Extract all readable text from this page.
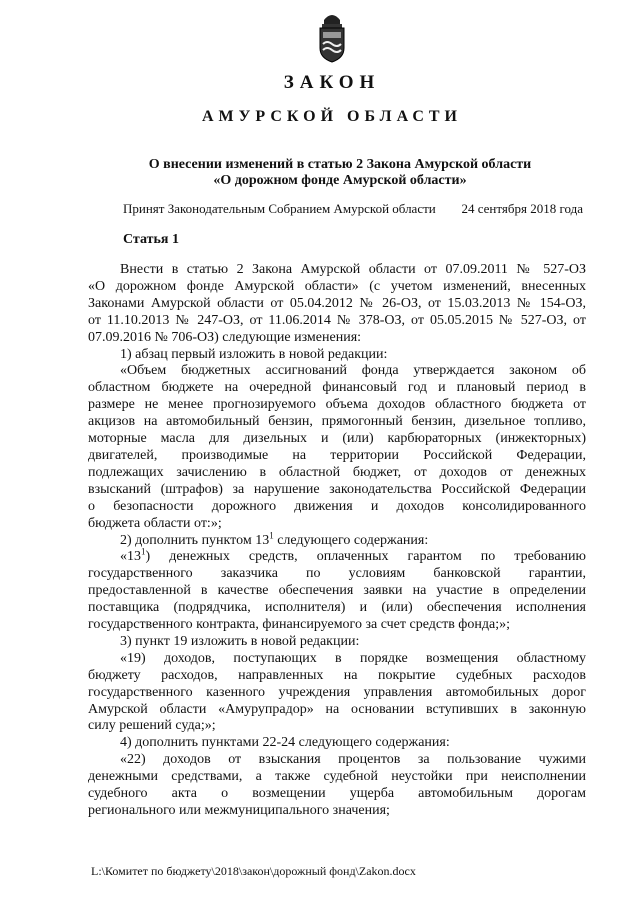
ЗАКОН
АМУРСКОЙ ОБЛАСТИ
О внесении изменений в статью 2 Закона Амурской области
«О дорожном фонде Амурской области»
Принят Законодательным Собранием Амурской области 24 сентября 2018 года
Статья 1

Внести в статью 2 Закона Амурской области от 07.09.2011 № 527-ОЗ

«О дорожном фонде Амурской области» (с учетом изменений, внесенных

Законами Амурской области от 05.04.2012 № 26-ОЗ, от 15.03.2013 № 154-ОЗ,

от 11.10.2013 № 247-ОЗ, от 11.06.2014 № 378-ОЗ, от 05.05.2015 № 527-ОЗ, от

07.09.2016 № 706-ОЗ) следующие изменения:

1) абзац первый изложить в новой редакции:

«Объем бюджетных ассигнований фонда утверждается законом об

областном бюджете на очередной финансовый год и плановый период в

размере не менее прогнозируемого объема доходов областного бюджета от

акцизов на автомобильный бензин, прямогонный бензин, дизельное топливо,

моторные масла для дизельных и (или) карбюраторных (инжекторных)

двигателей, производимые на территории Российской Федерации,

подлежащих зачислению в областной бюджет, от доходов от денежных

взысканий (штрафов) за нарушение законодательства Российской Федерации

о безопасности дорожного движения и доходов консолидированного

бюджета области от:»;

2) дополнить пунктом $13^1$ следующего содержания:

«$13^1$) денежных средств, оплаченных гарантом по требованию

государственного заказчика по условиям банковской гарантии,

предоставленной в качестве обеспечения заявки на участие в определении

поставщика (подрядчика, исполнителя) и (или) обеспечения исполнения

государственного контракта, финансируемого за счет средств фонда;»;

3) пункт 19 изложить в новой редакции:

«19) доходов, поступающих в порядке возмещения областному

бюджету расходов, направленных на покрытие судебных расходов

государственного казенного учреждения управления автомобильных дорог

Амурской области «Амурупрадор» на основании вступивших в законную

силу решений суда;»;

4) дополнить пунктами 22-24 следующего содержания:

«22) доходов от взыскания процентов за пользование чужими

денежными средствами, а также судебной неустойки при неисполнении

судебного акта о возмещении ущерба автомобильным дорогам

регионального или межмуниципального значения;

L:\Комитет по бюджету\2018\закон\дорожный фонд\Zakon.docx
